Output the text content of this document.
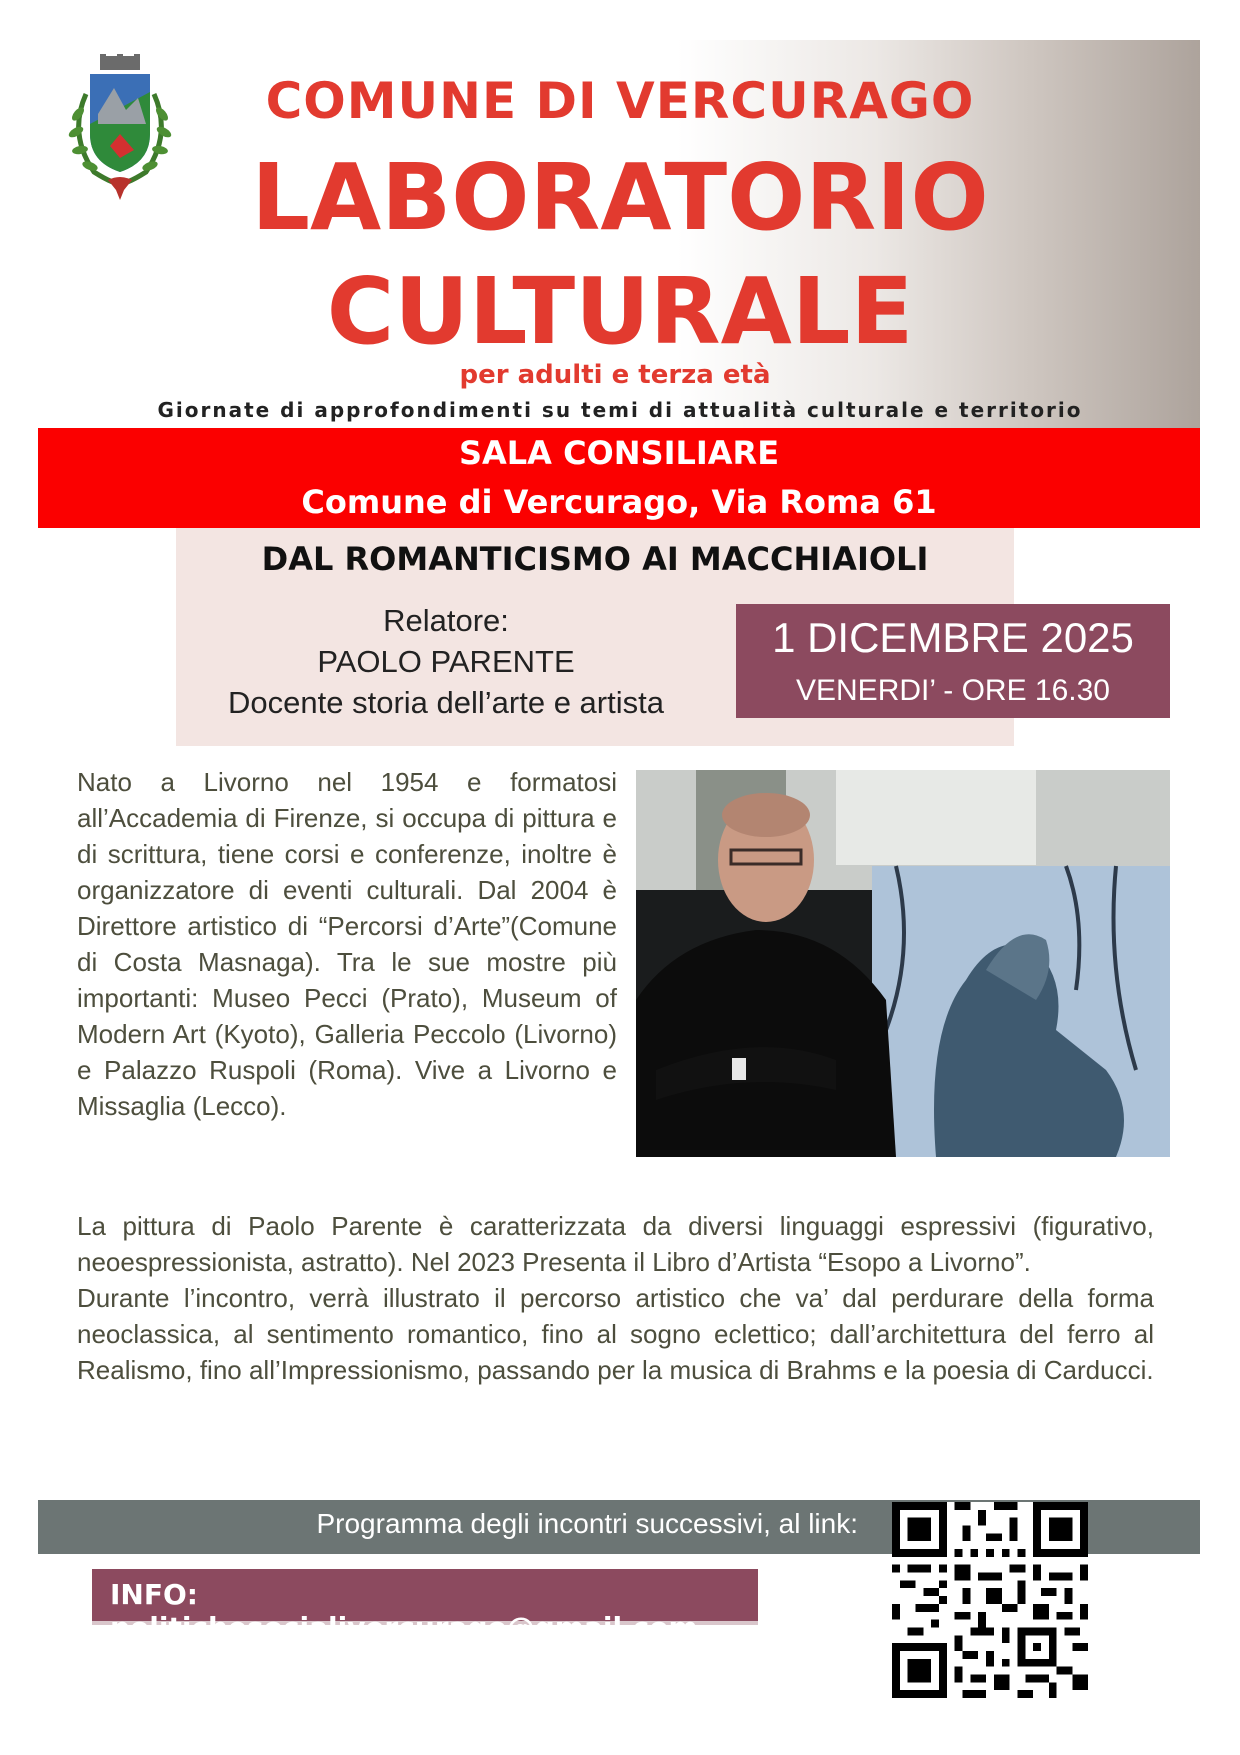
COMUNE DI VERCURAGO
LABORATORIO
CULTURALE
per adulti e terza età
Giornate di approfondimenti su temi di attualità culturale e territorio
SALA CONSILIARE
Comune di Vercurago, Via Roma 61
DAL ROMANTICISMO AI MACCHIAIOLI
Relatore:
PAOLO PARENTE
Docente storia dell’arte e artista
1 DICEMBRE 2025
VENERDI’ - ORE 16.30
Nato a Livorno nel 1954 e formatosi all’Accademia di Firenze, si occupa di pittura e di scrittura, tiene corsi e conferenze, inoltre è organizzatore di eventi culturali. Dal 2004 è Direttore artistico di “Percorsi d’Arte”(Comune di Costa Masnaga). Tra le sue mostre più importanti: Museo Pecci (Prato), Museum of Modern Art (Kyoto), Galleria Peccolo (Livorno) e Palazzo Ruspoli (Roma). Vive a Livorno e Missaglia (Lecco).

La pittura di Paolo Parente è caratterizzata da diversi linguaggi espressivi (figurativo, neoespressionista, astratto). Nel 2023 Presenta il Libro d’Artista “Esopo a Livorno”.

Durante l’incontro, verrà illustrato il percorso artistico che va’ dal perdurare della forma neoclassica, al sentimento romantico, fino al sogno eclettico; dall’architettura del ferro al Realismo, fino all’Impressionismo, passando per la musica di Brahms e la poesia di Carducci.

Programma degli incontri successivi, al link:
INFO: politichesocialivercurago@gmail.com
